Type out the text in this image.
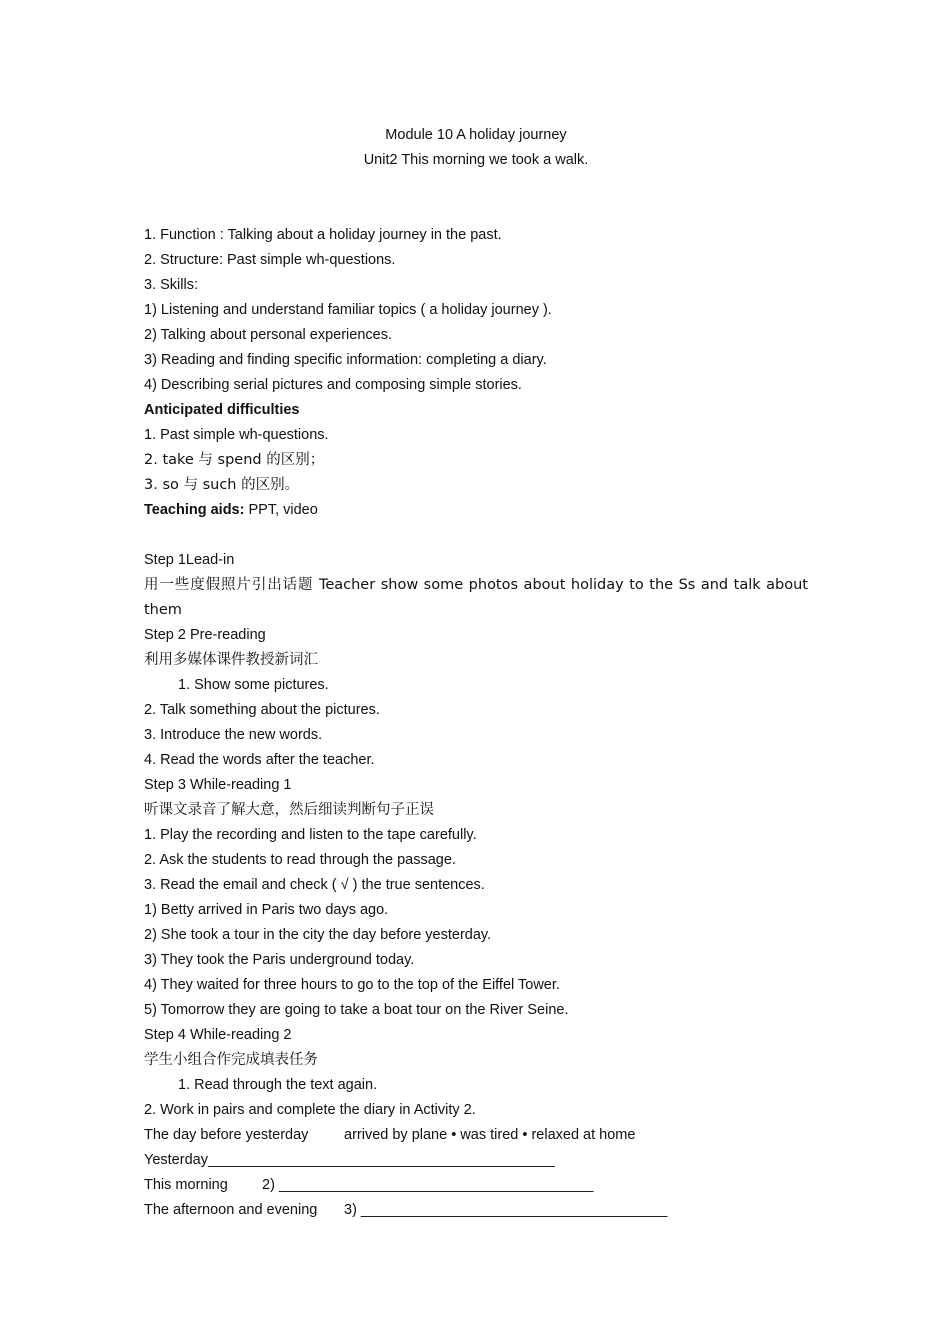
Module 10 A holiday journey
Unit2 This morning we took a walk.
1. Function : Talking about a holiday journey in the past.
2. Structure: Past simple wh-questions.
3. Skills:
1) Listening and understand familiar topics ( a holiday journey ).
2) Talking about personal experiences.
3) Reading and finding specific information: completing a diary.
4) Describing serial pictures and composing simple stories.
Anticipated difficulties
1. Past simple wh-questions.
2. take 与 spend 的区别；
3. so 与 such 的区别。
Teaching aids: PPT, video
Step 1Lead-in
用一些度假照片引出话题 Teacher show some photos about holiday to the Ss and talk about them
Step 2 Pre-reading
利用多媒体课件教授新词汇
1. Show some pictures.
2. Talk something about the pictures.
3. Introduce the new words.
4. Read the words after the teacher.
Step 3 While-reading 1
听课文录音了解大意，然后细读判断句子正误
1. Play the recording and listen to the tape carefully.
2. Ask the students to read through the passage.
3. Read the email and check ( √ ) the true sentences.
1) Betty arrived in Paris two days ago.
2) She took a tour in the city the day before yesterday.
3) They took the Paris underground today.
4) They waited for three hours to go to the top of the Eiffel Tower.
5) Tomorrow they are going to take a boat tour on the River Seine.
Step 4 While-reading 2
学生小组合作完成填表任务
1. Read through the text again.
2. Work in pairs and complete the diary in Activity 2.
The day before yesterday arrived by plane • was tired • relaxed at home
Yesterday___________________________________________
This morning 2) _______________________________________
The afternoon and evening 3) ______________________________________
